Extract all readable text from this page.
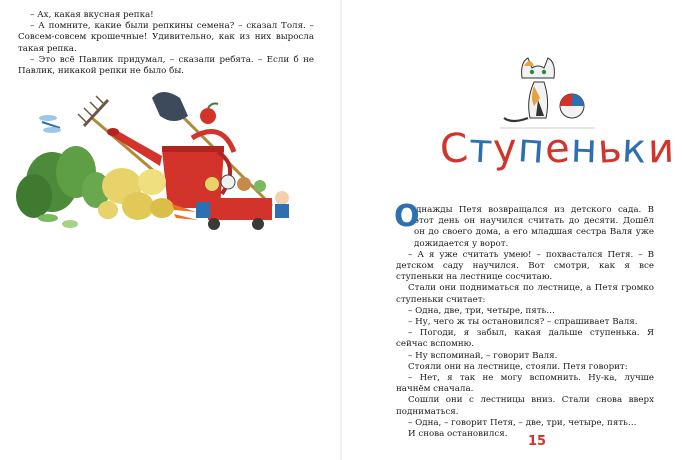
– Ах, какая вкусная репка!

– А помните, какие были репкины семена? – сказал Толя. – Совсем-совсем крошечные! Удивительно, как из них выросла такая репка.

– Это всё Павлик придумал, – сказали ребята. – Если б не Павлик, никакой репки не было бы.

Ступеньки

О
днажды Петя возвращался из детского сада. В этот день он научился считать до десяти. Дошёл он до своего дома, а его младшая сестра Валя уже дожидается у ворот.

– А я уже считать умею! – похвастался Петя. – В детском саду научился. Вот смотри, как я все ступеньки на лестнице сосчитаю.

Стали они подниматься по лестнице, а Петя громко ступеньки считает:

– Одна, две, три, четыре, пять…

– Ну, чего ж ты остановился? – спрашивает Валя.

– Погоди, я забыл, какая дальше ступенька. Я сейчас вспомню.

– Ну вспоминай, – говорит Валя.

Стояли они на лестнице, стояли. Петя говорит:

– Нет, я так не могу вспомнить. Ну-ка, лучше начнём сначала.

Сошли они с лестницы вниз. Стали снова вверх подниматься.

– Одна, – говорит Петя, – две, три, четыре, пять…

И снова остановился.	15
